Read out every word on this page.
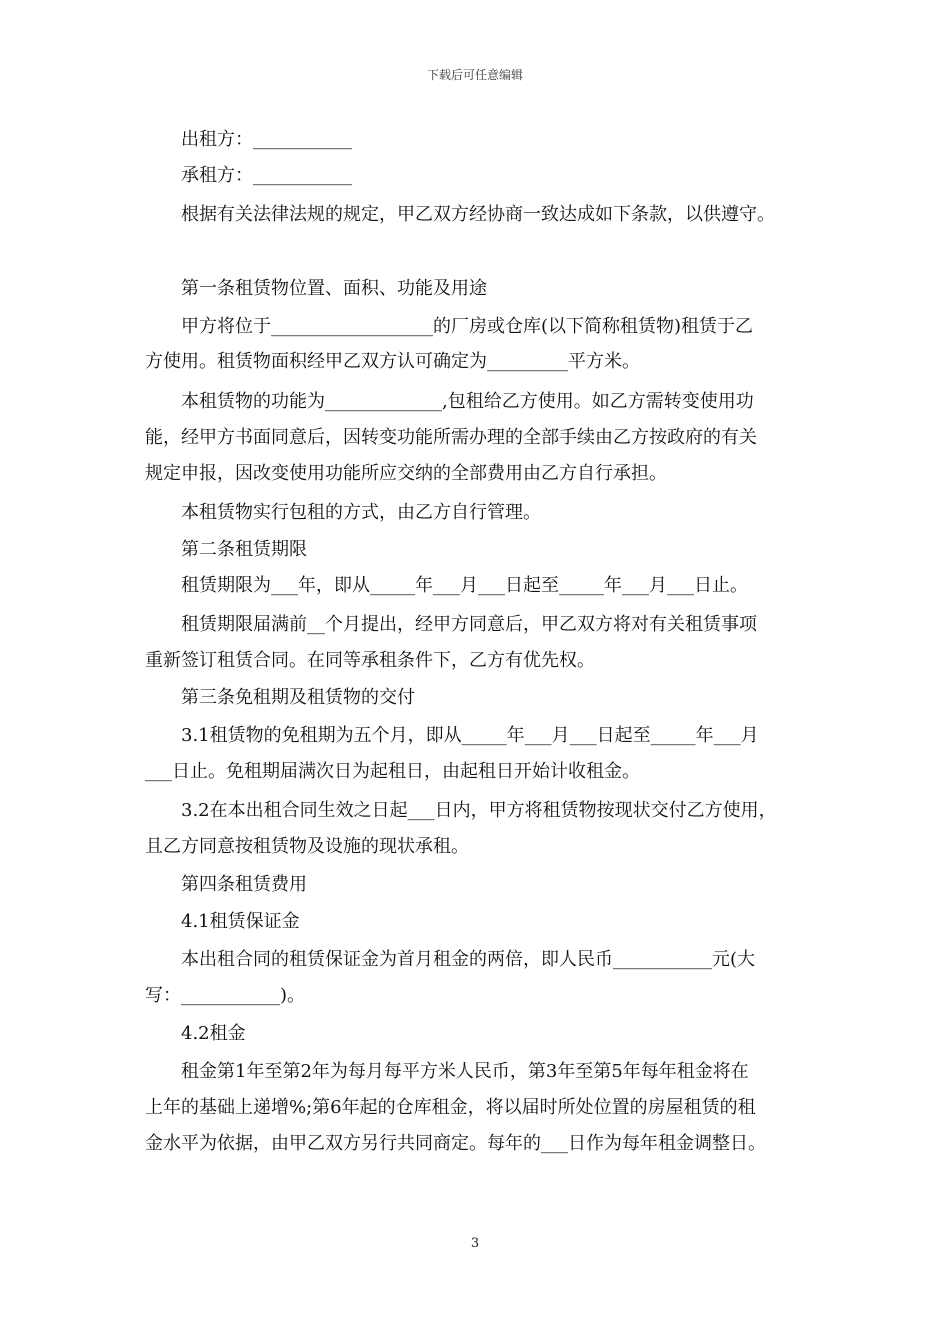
下载后可任意编辑
出租方：___________
承租方：___________
根据有关法律法规的规定，甲乙双方经协商一致达成如下条款，以供遵守。
第一条租赁物位置、面积、功能及用途
甲方将位于__________________的厂房或仓库(以下简称租赁物)租赁于乙
方使用。租赁物面积经甲乙双方认可确定为_________平方米。
本租赁物的功能为_____________,包租给乙方使用。如乙方需转变使用功
能，经甲方书面同意后，因转变功能所需办理的全部手续由乙方按政府的有关
规定申报，因改变使用功能所应交纳的全部费用由乙方自行承担。
本租赁物实行包租的方式，由乙方自行管理。
第二条租赁期限
租赁期限为___年，即从_____年___月___日起至_____年___月___日止。
租赁期限届满前__个月提出，经甲方同意后，甲乙双方将对有关租赁事项
重新签订租赁合同。在同等承租条件下，乙方有优先权。
第三条免租期及租赁物的交付
3.1租赁物的免租期为五个月，即从_____年___月___日起至_____年___月
___日止。免租期届满次日为起租日，由起租日开始计收租金。
3.2在本出租合同生效之日起___日内，甲方将租赁物按现状交付乙方使用，
且乙方同意按租赁物及设施的现状承租。
第四条租赁费用
4.1租赁保证金
本出租合同的租赁保证金为首月租金的两倍，即人民币___________元(大
写：___________)。
4.2租金
租金第1年至第2年为每月每平方米人民币，第3年至第5年每年租金将在
上年的基础上递增%;第6年起的仓库租金，将以届时所处位置的房屋租赁的租
金水平为依据，由甲乙双方另行共同商定。每年的___日作为每年租金调整日。
3
